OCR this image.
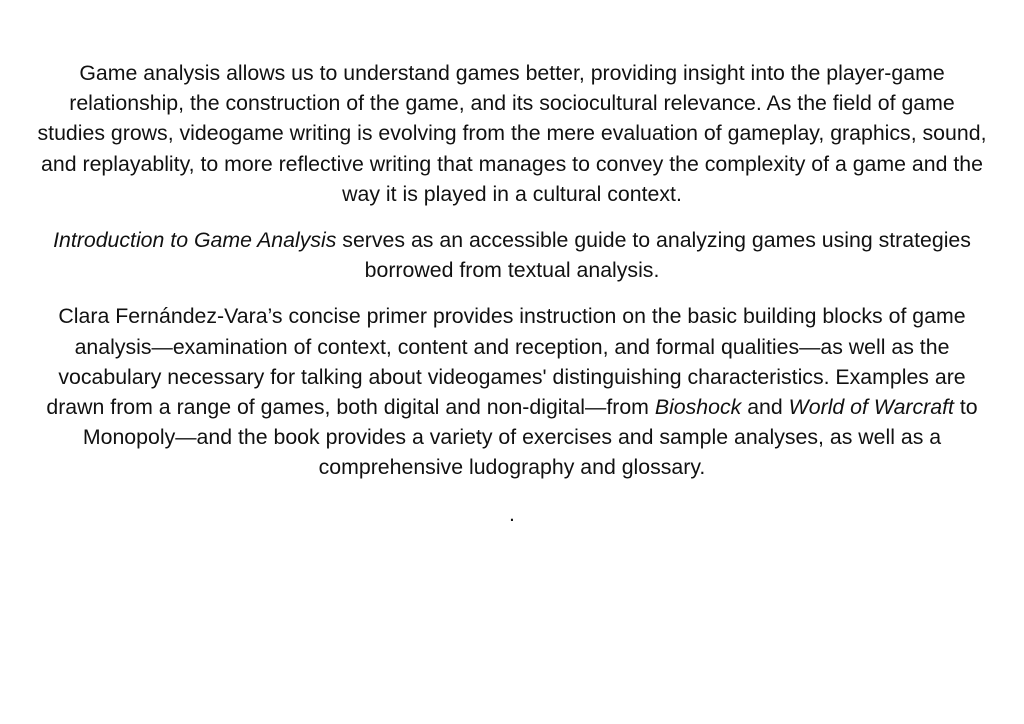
Game analysis allows us to understand games better, providing insight into the player-game relationship, the construction of the game, and its sociocultural relevance. As the field of game studies grows, videogame writing is evolving from the mere evaluation of gameplay, graphics, sound, and replayablity, to more reflective writing that manages to convey the complexity of a game and the way it is played in a cultural context.

Introduction to Game Analysis serves as an accessible guide to analyzing games using strategies borrowed from textual analysis.

Clara Fernández-Vara’s concise primer provides instruction on the basic building blocks of game analysis—examination of context, content and reception, and formal qualities—as well as the vocabulary necessary for talking about videogames' distinguishing characteristics. Examples are drawn from a range of games, both digital and non-digital—from Bioshock and World of Warcraft to Monopoly—and the book provides a variety of exercises and sample analyses, as well as a comprehensive ludography and glossary.

.
